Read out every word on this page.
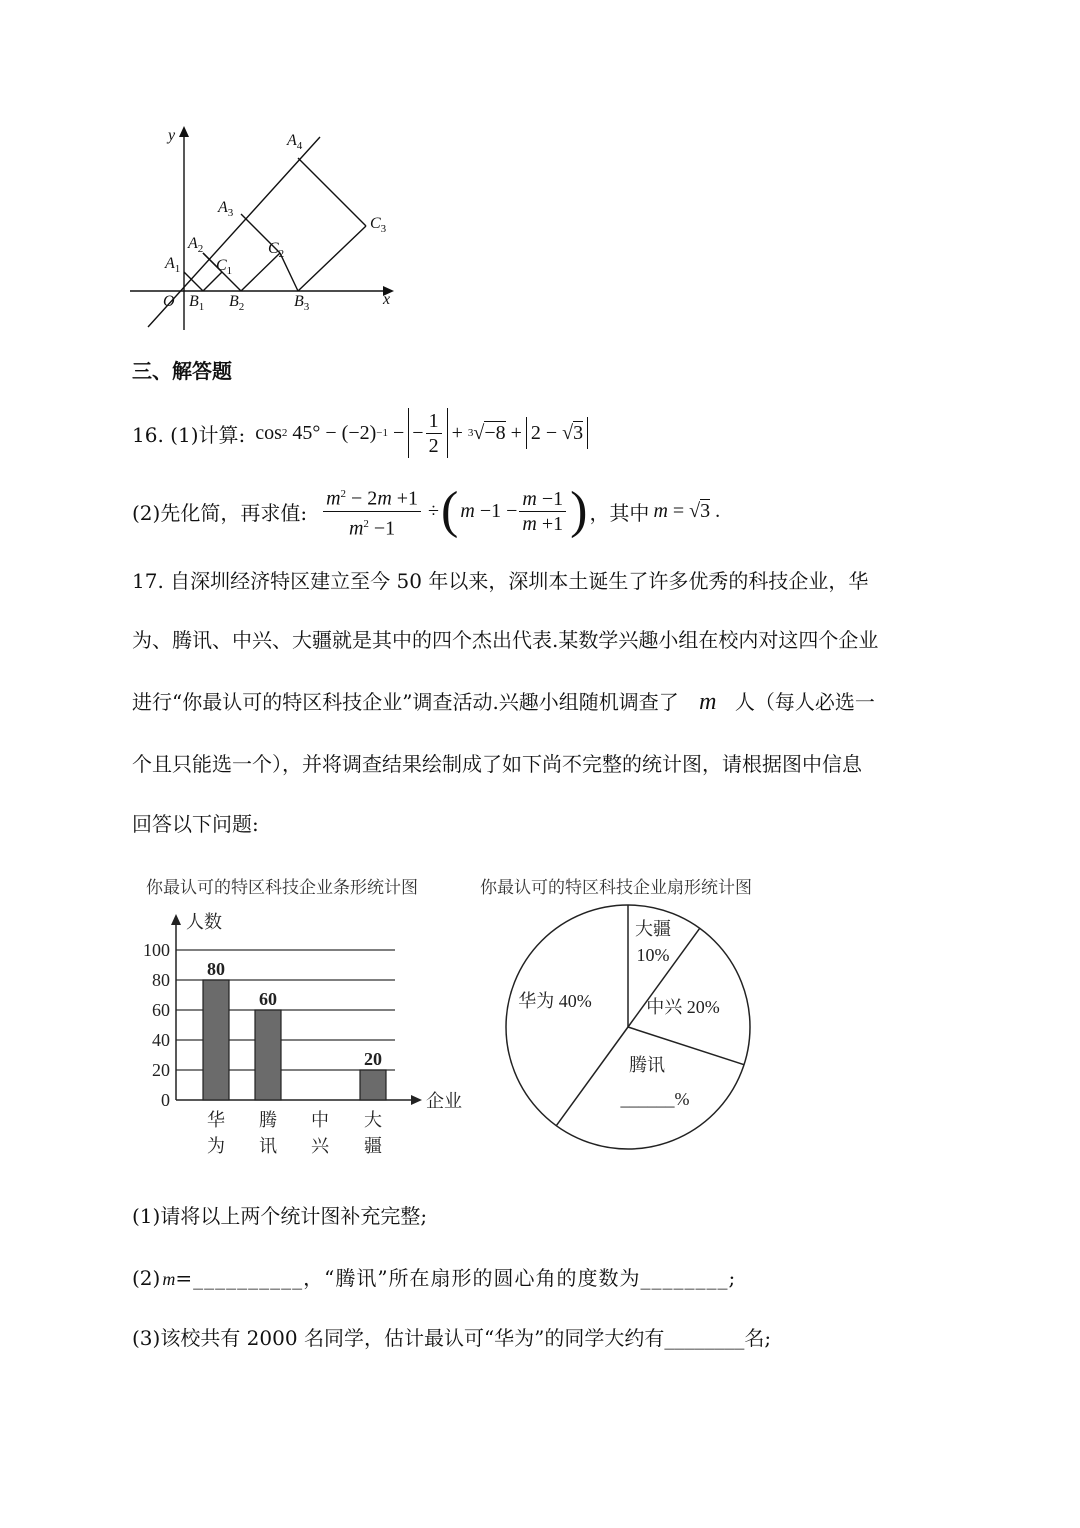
y
x
O
$A_1$
$A_2$
$A_3$
$A_4$
$B_1$ $B_2$	$B_3$
$C_1$
$C_2$
$C_3$
三、解答题
16. (1)计算: cos 2 45° − (−2) −1 − − $\frac{1}{2} + 3$ √ −8 + 2 − √ 3
(2)先化简，再求值: $\frac{m^2 - 2m +1}{m^2 -1}$ ÷ ( $m -1 - \frac{m -1}{m +1}$ ) ，其中 m = √3 .
17. 自深圳经济特区建立至今 50 年以来，深圳本土诞生了许多优秀的科技企业，华
为、腾讯、中兴、大疆就是其中的四个杰出代表.某数学兴趣小组在校内对这四个企业
进行“你最认可的特区科技企业”调查活动.兴趣小组随机调查了 m 人（每人必选一
个且只能选一个），并将调查结果绘制成了如下尚不完整的统计图，请根据图中信息
回答以下问题:
你最认可的特区科技企业条形统计图	你最认可的特区科技企业扇形统计图
0
20
40
60
80
100
人数
企业
80
华
为
60
腾
讯
中
兴
20
大
疆
大疆
10%
中兴 20%
腾讯
______%
华为 40%
(1)请将以上两个统计图补充完整;
(2) m=__________，“腾讯”所在扇形的圆心角的度数为________;
(3)该校共有 2000 名同学，估计最认可“华为”的同学大约有________名;
